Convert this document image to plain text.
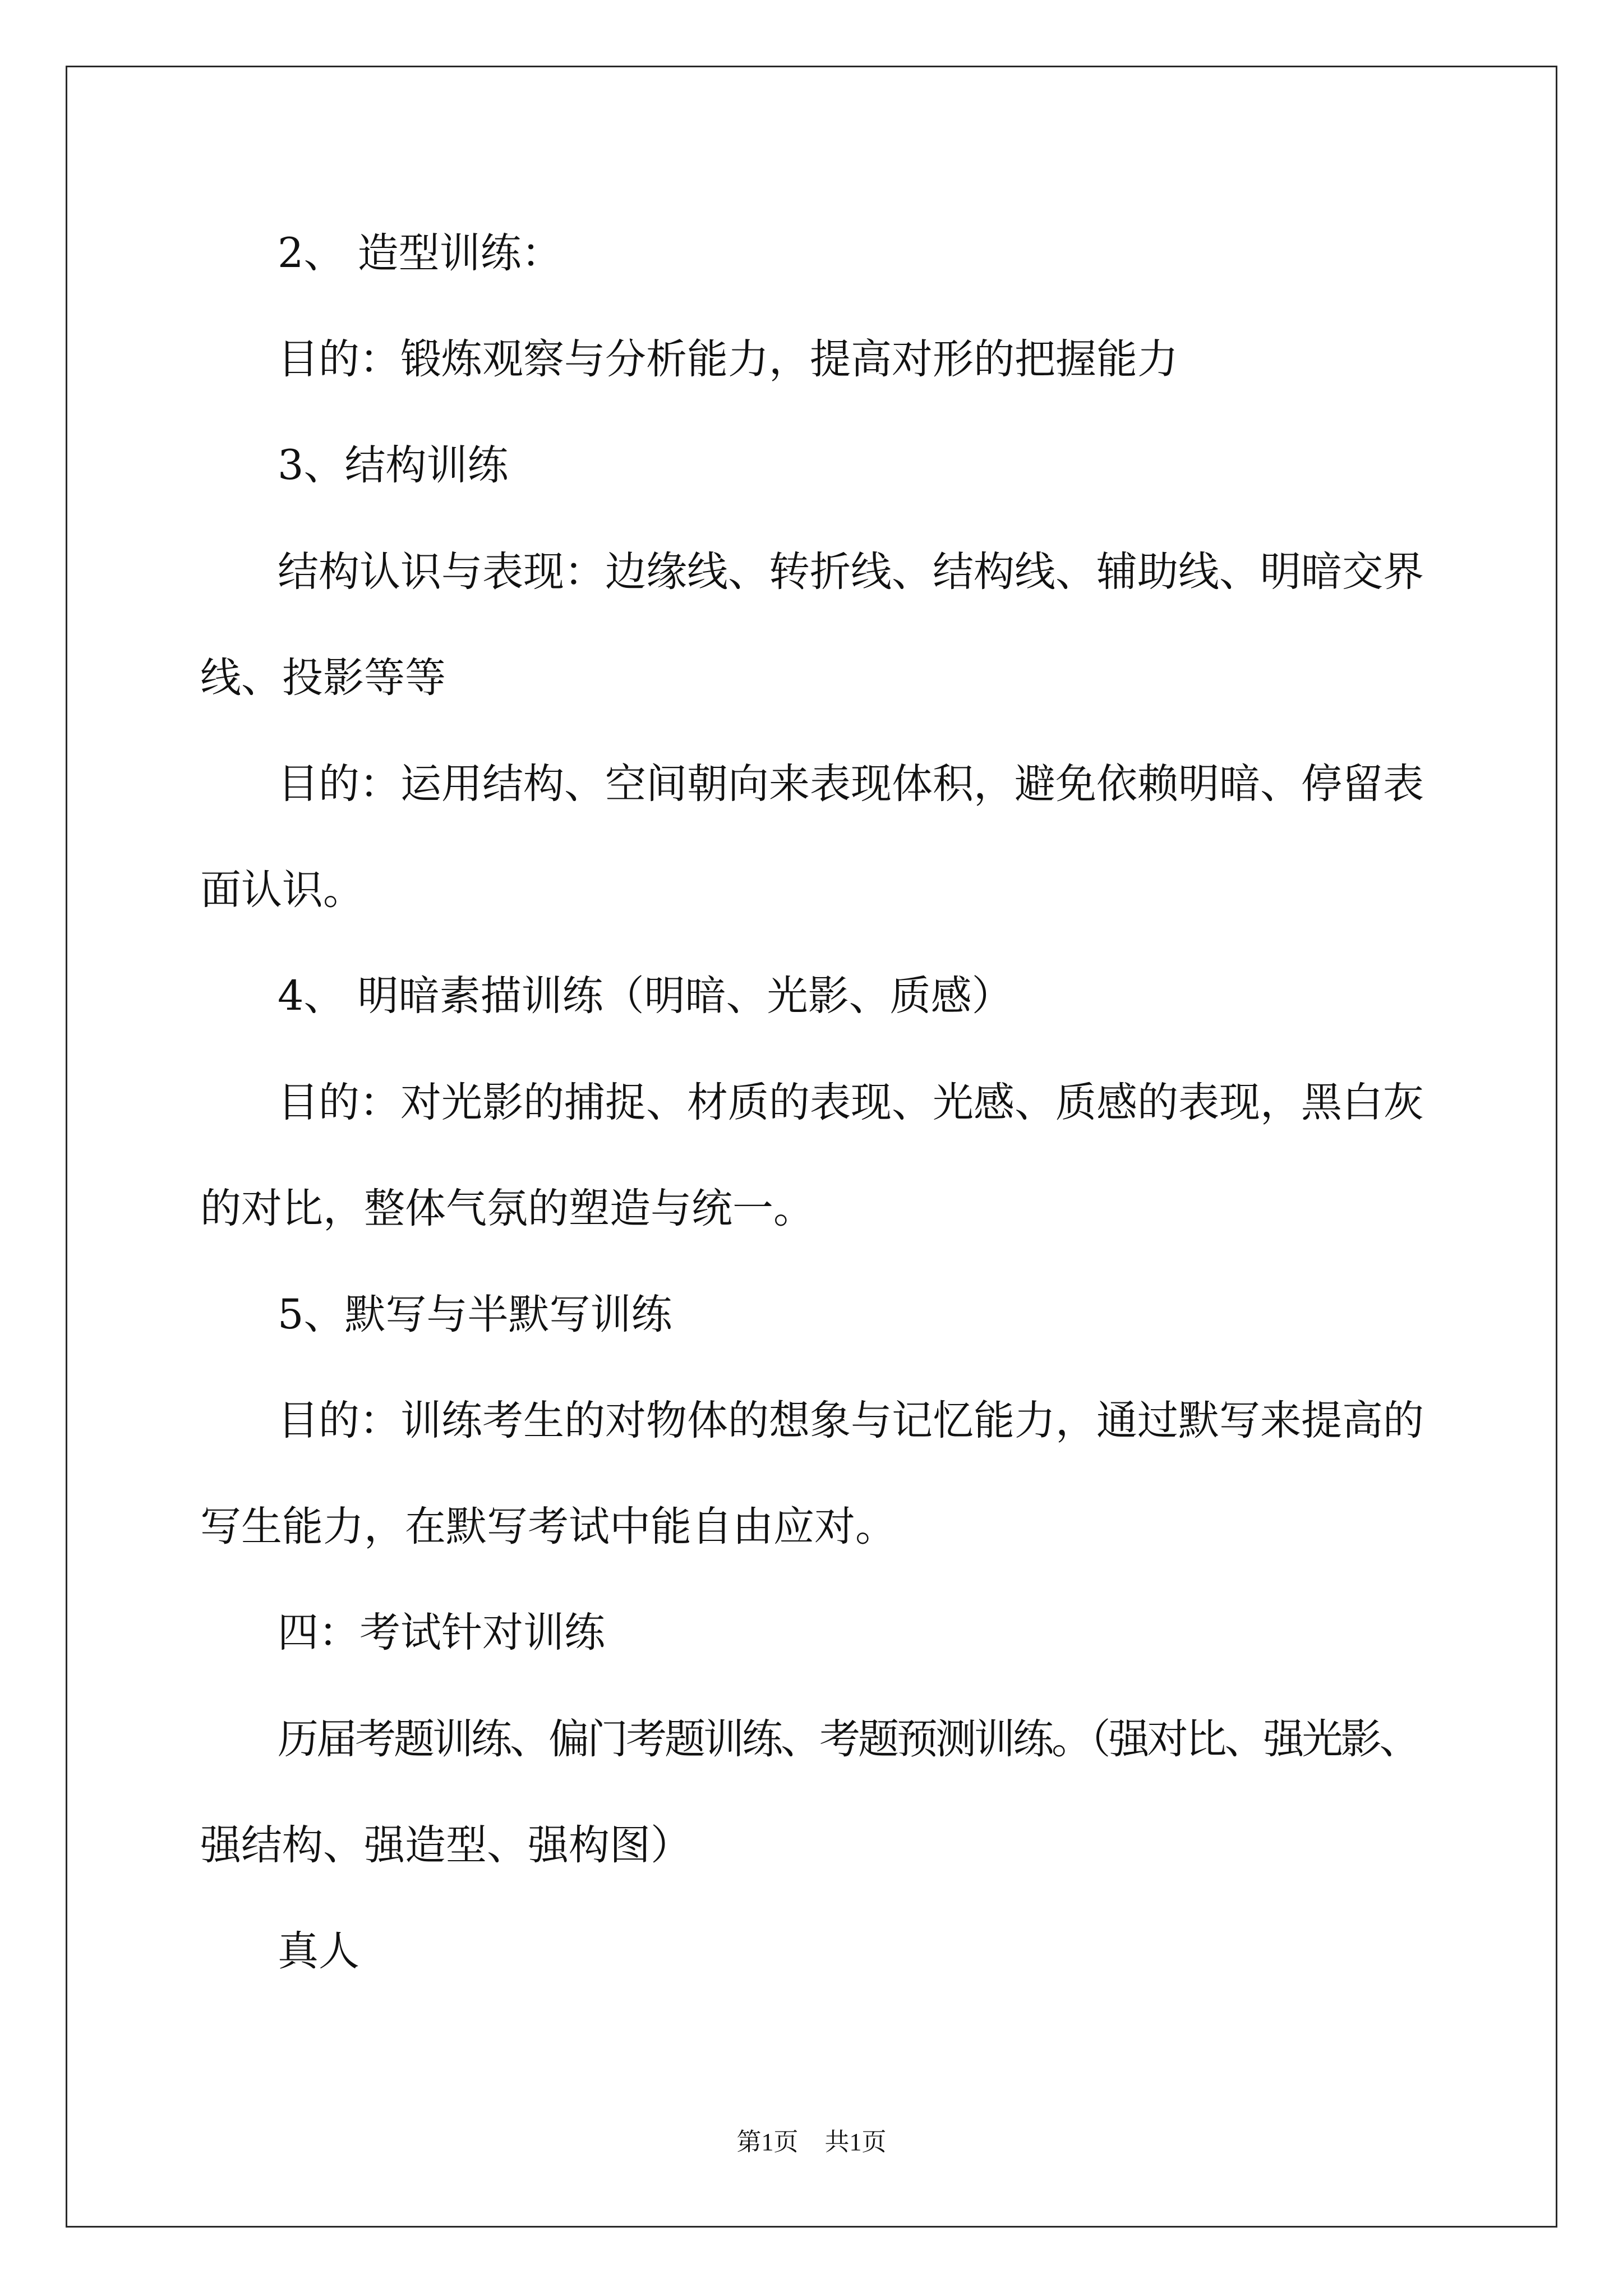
2、 造型训练：
目的：锻炼观察与分析能力，提高对形的把握能力
3、结构训练
结构认识与表现：边缘线、转折线、结构线、辅助线、明暗交界
线、投影等等
目的：运用结构、空间朝向来表现体积，避免依赖明暗、停留表
面认识。
4、 明暗素描训练（明暗、光影、质感）
目的：对光影的捕捉、材质的表现、光感、质感的表现，黑白灰
的对比，整体气氛的塑造与统一。
5、默写与半默写训练
目的：训练考生的对物体的想象与记忆能力，通过默写来提高的
写生能力，在默写考试中能自由应对。
四：考试针对训练
历届考题训练、偏门考题训练、考题预测训练。（强对比、强光影、
强结构、强造型、强构图）
真人
第1页 共1页
